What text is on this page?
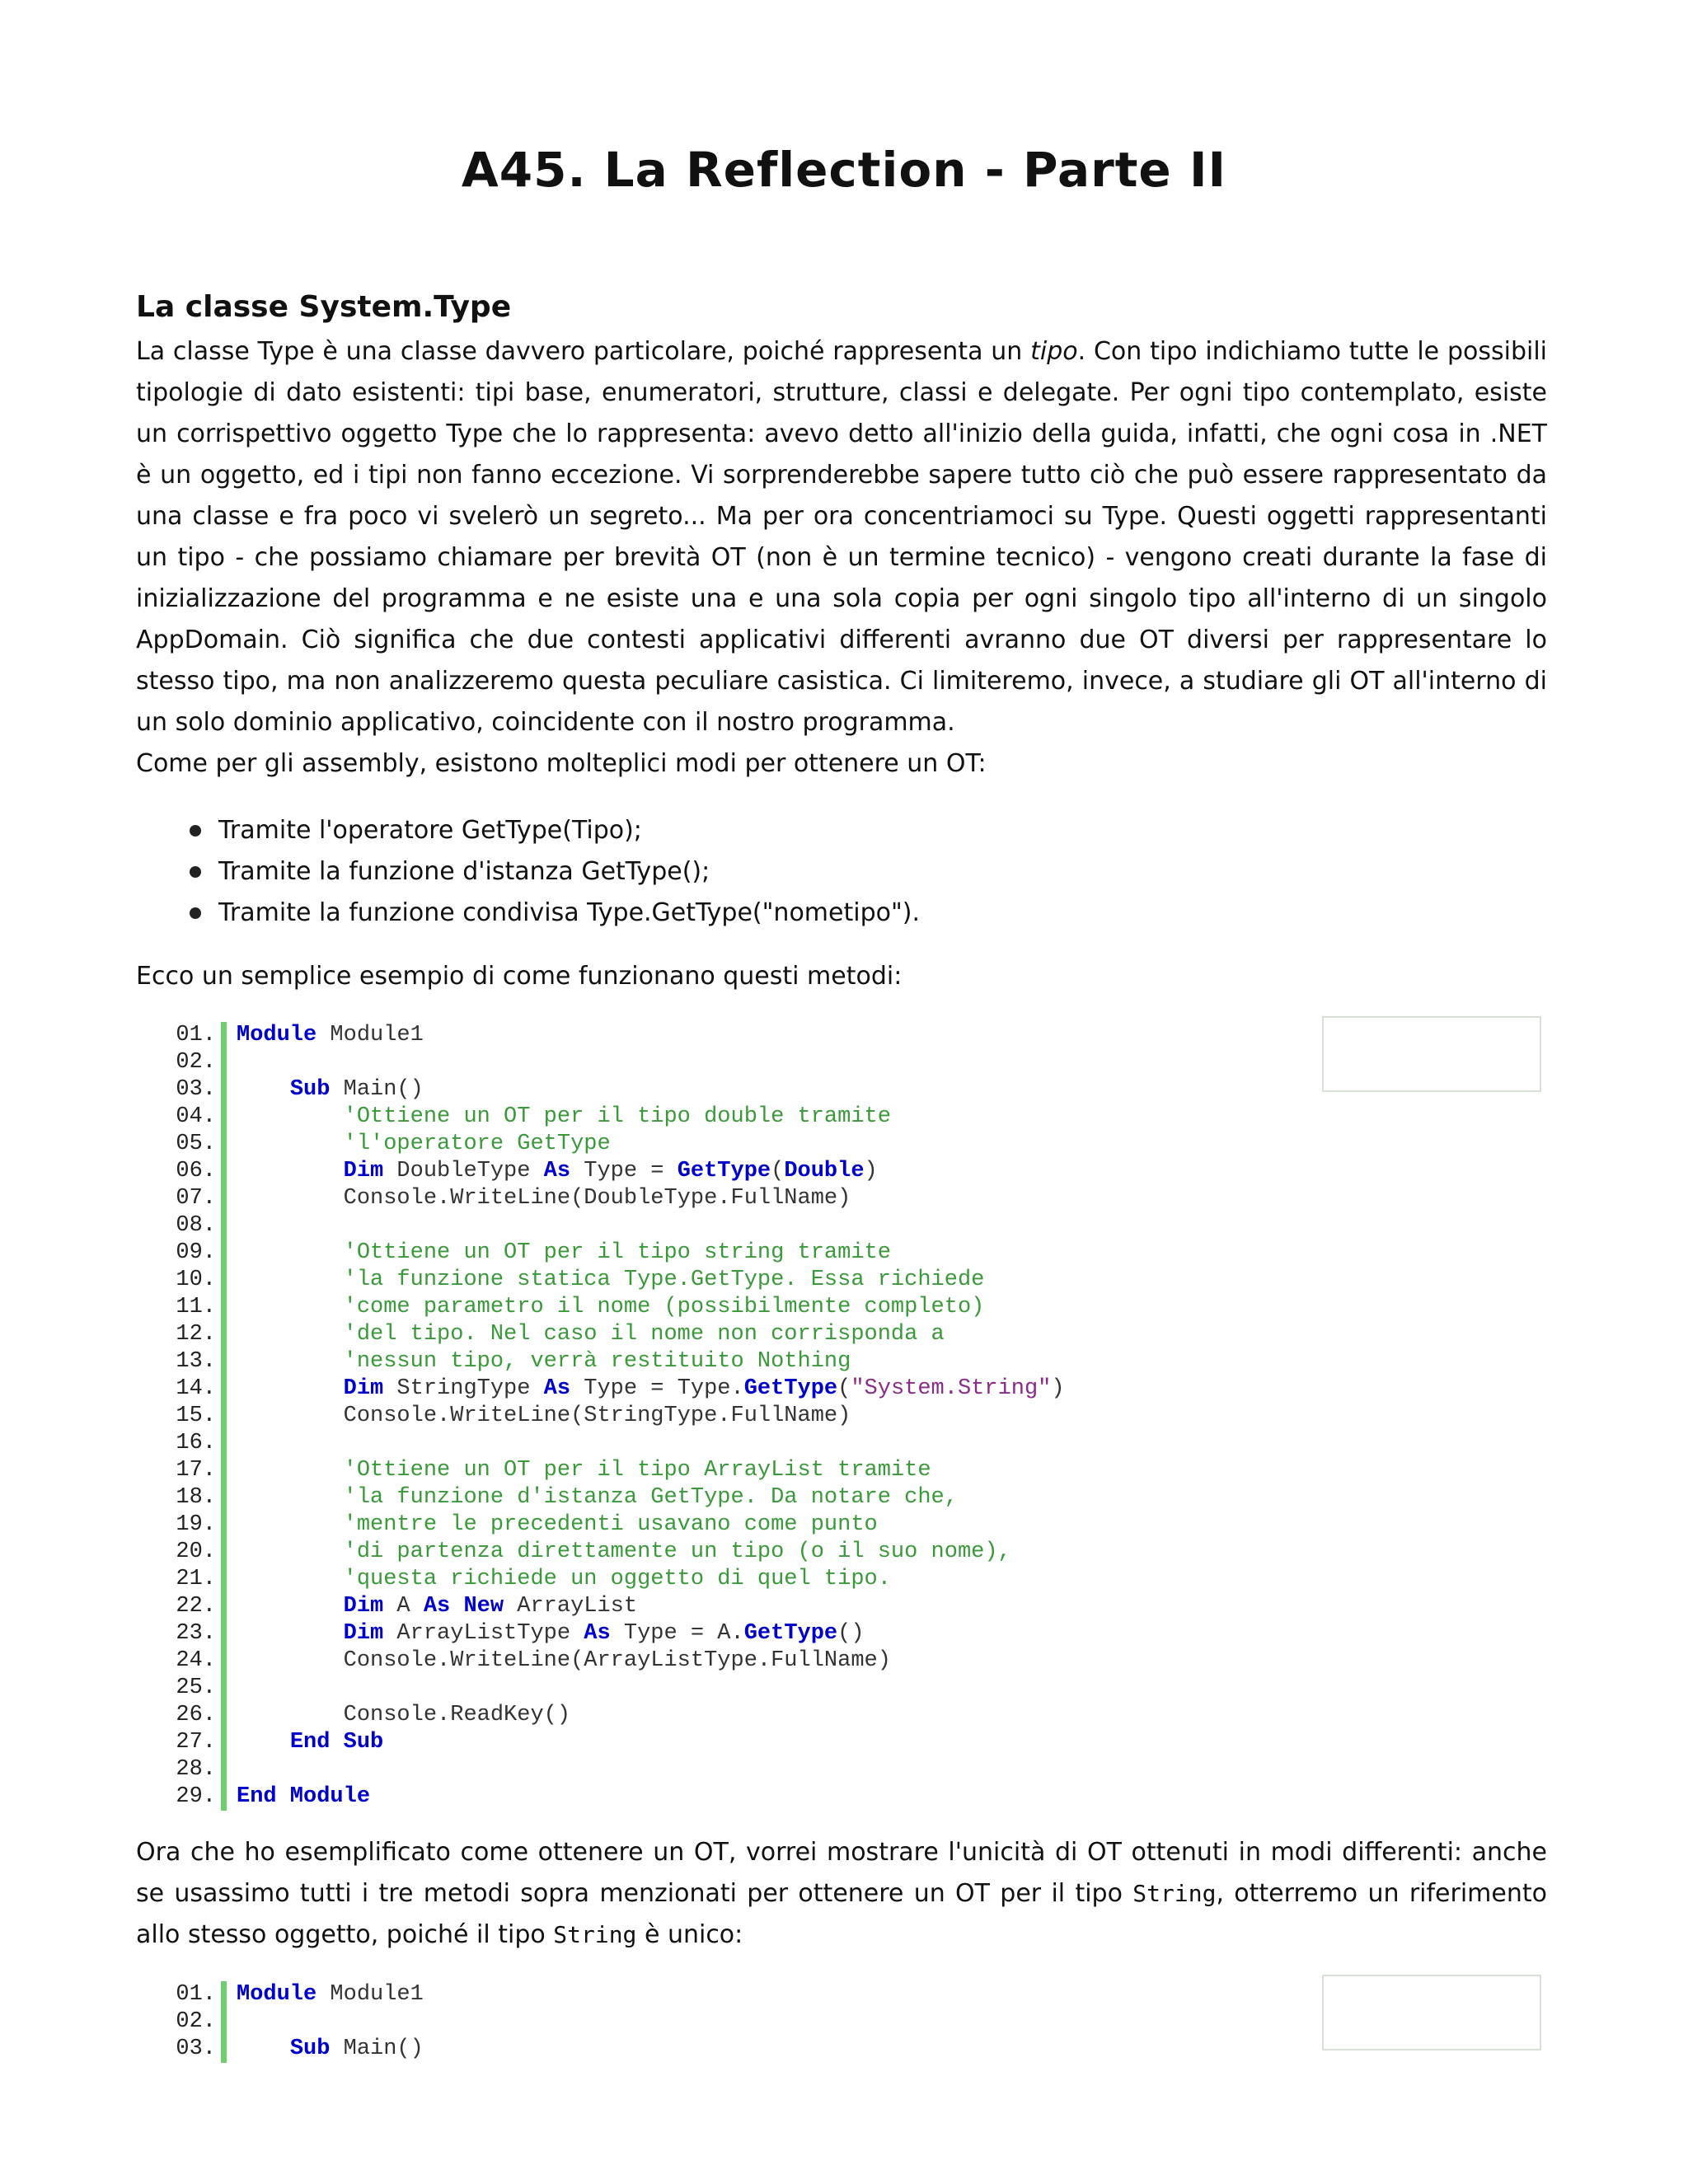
A45. La Reflection - Parte II
La classe System.Type

La classe Type è una classe davvero particolare, poiché rappresenta un tipo. Con tipo indichiamo tutte le possibili tipologie di dato esistenti: tipi base, enumeratori, strutture, classi e delegate. Per ogni tipo contemplato, esiste un corrispettivo oggetto Type che lo rappresenta: avevo detto all'inizio della guida, infatti, che ogni cosa in .NET è un oggetto, ed i tipi non fanno eccezione. Vi sorprenderebbe sapere tutto ciò che può essere rappresentato da una classe e fra poco vi svelerò un segreto... Ma per ora concentriamoci su Type. Questi oggetti rappresentanti un tipo - che possiamo chiamare per brevità OT (non è un termine tecnico) - vengono creati durante la fase di inizializzazione del programma e ne esiste una e una sola copia per ogni singolo tipo all'interno di un singolo AppDomain. Ciò significa che due contesti applicativi differenti avranno due OT diversi per rappresentare lo stesso tipo, ma non analizzeremo questa peculiare casistica. Ci limiteremo, invece, a studiare gli OT all'interno di un solo dominio applicativo, coincidente con il nostro programma.
Come per gli assembly, esistono molteplici modi per ottenere un OT:

Tramite l'operatore GetType(Tipo);
Tramite la funzione d'istanza GetType();
Tramite la funzione condivisa Type.GetType("nometipo").

Ecco un semplice esempio di come funzionano questi metodi:

01. Module Module1
02.
03.	Sub Main()
04. 'Ottiene un OT per il tipo double tramite
05. 'l'operatore GetType
06.	Dim DoubleType As Type = GetType(Double)
07. Console.WriteLine(DoubleType.FullName)
08.
09. 'Ottiene un OT per il tipo string tramite
10. 'la funzione statica Type.GetType. Essa richiede
11. 'come parametro il nome (possibilmente completo)
12. 'del tipo. Nel caso il nome non corrisponda a
13. 'nessun tipo, verrà restituito Nothing
14.	Dim StringType As Type = Type.GetType("System.String")
15. Console.WriteLine(StringType.FullName)
16.
17. 'Ottiene un OT per il tipo ArrayList tramite
18. 'la funzione d'istanza GetType. Da notare che,
19. 'mentre le precedenti usavano come punto
20. 'di partenza direttamente un tipo (o il suo nome),
21. 'questa richiede un oggetto di quel tipo.
22.	Dim A As New ArrayList
23.	Dim ArrayListType As Type = A.GetType()
24. Console.WriteLine(ArrayListType.FullName)
25.
26. Console.ReadKey()
27.	End Sub
28.
29. End Module

Ora che ho esemplificato come ottenere un OT, vorrei mostrare l'unicità di OT ottenuti in modi differenti: anche se usassimo tutti i tre metodi sopra menzionati per ottenere un OT per il tipo String, otterremo un riferimento allo stesso oggetto, poiché il tipo String è unico:

01. Module Module1
02.
03.	Sub Main()
